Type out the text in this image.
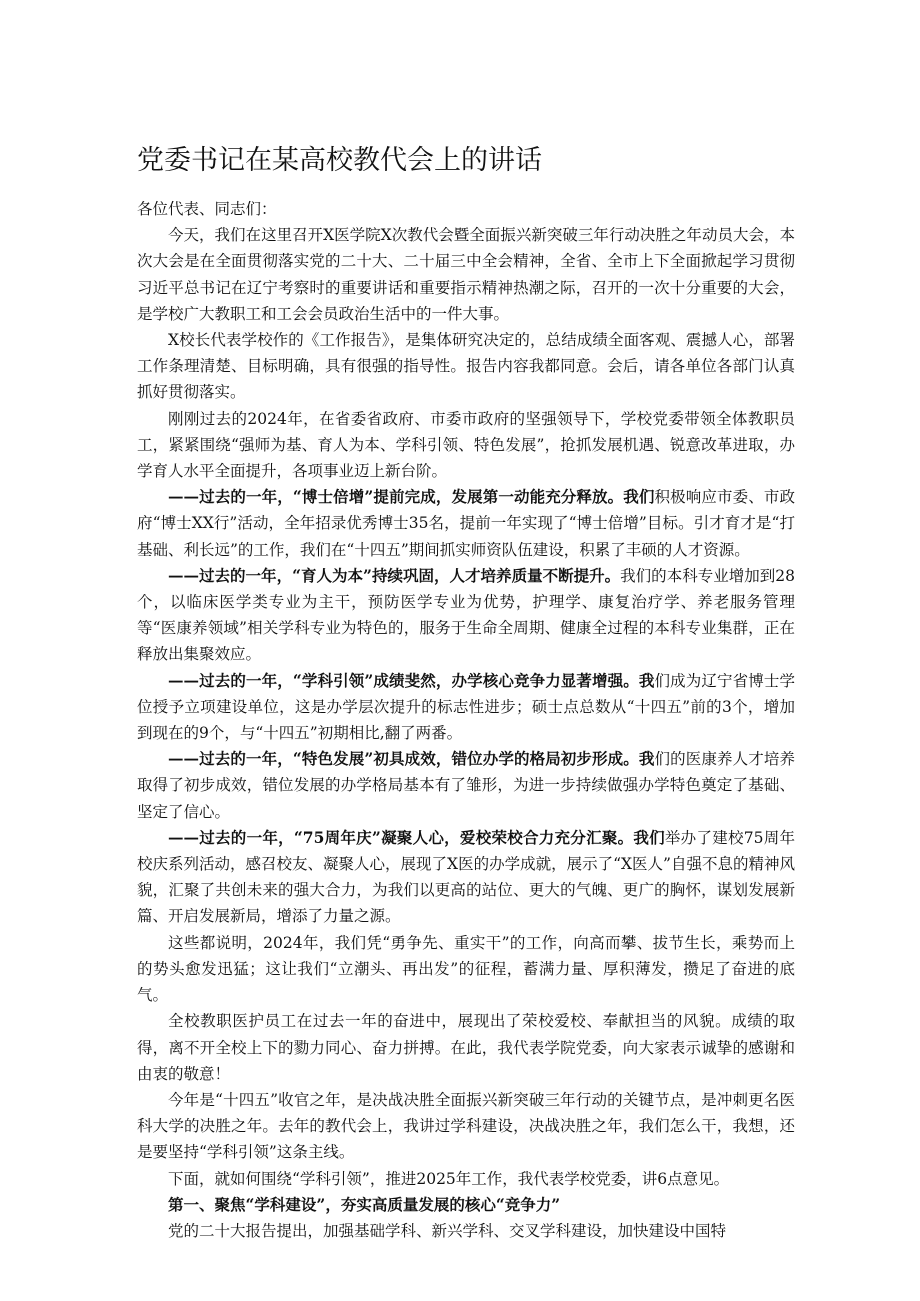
党委书记在某高校教代会上的讲话

各位代表、同志们：

今天，我们在这里召开X医学院X次教代会暨全面振兴新突破三年行动决胜之年动员大会，本次大会是在全面贯彻落实党的二十大、二十届三中全会精神，全省、全市上下全面掀起学习贯彻习近平总书记在辽宁考察时的重要讲话和重要指示精神热潮之际，召开的一次十分重要的大会，是学校广大教职工和工会会员政治生活中的一件大事。

X校长代表学校作的《工作报告》，是集体研究决定的，总结成绩全面客观、震撼人心，部署工作条理清楚、目标明确，具有很强的指导性。报告内容我都同意。会后，请各单位各部门认真抓好贯彻落实。

刚刚过去的2024年，在省委省政府、市委市政府的坚强领导下，学校党委带领全体教职员工，紧紧围绕“强师为基、育人为本、学科引领、特色发展”，抢抓发展机遇、锐意改革进取，办学育人水平全面提升，各项事业迈上新台阶。

——过去的一年，“博士倍增”提前完成，发展第一动能充分释放。我们积极响应市委、市政府“博士XX行”活动，全年招录优秀博士35名，提前一年实现了“博士倍增”目标。引才育才是“打基础、利长远”的工作，我们在“十四五”期间抓实师资队伍建设，积累了丰硕的人才资源。

——过去的一年，“育人为本”持续巩固，人才培养质量不断提升。我们的本科专业增加到28个，以临床医学类专业为主干，预防医学专业为优势，护理学、康复治疗学、养老服务管理等“医康养领域”相关学科专业为特色的，服务于生命全周期、健康全过程的本科专业集群，正在释放出集聚效应。

——过去的一年，“学科引领”成绩斐然，办学核心竞争力显著增强。我们成为辽宁省博士学位授予立项建设单位，这是办学层次提升的标志性进步；硕士点总数从“十四五”前的3个，增加到现在的9个，与“十四五”初期相比,翻了两番。

——过去的一年，“特色发展”初具成效，错位办学的格局初步形成。我们的医康养人才培养取得了初步成效，错位发展的办学格局基本有了雏形，为进一步持续做强办学特色奠定了基础、坚定了信心。

——过去的一年，“75周年庆”凝聚人心，爱校荣校合力充分汇聚。我们举办了建校75周年校庆系列活动，感召校友、凝聚人心，展现了X医的办学成就，展示了“X医人”自强不息的精神风貌，汇聚了共创未来的强大合力，为我们以更高的站位、更大的气魄、更广的胸怀，谋划发展新篇、开启发展新局，增添了力量之源。

这些都说明，2024年，我们凭“勇争先、重实干”的工作，向高而攀、拔节生长，乘势而上的势头愈发迅猛；这让我们“立潮头、再出发”的征程，蓄满力量、厚积薄发，攒足了奋进的底气。

全校教职医护员工在过去一年的奋进中，展现出了荣校爱校、奉献担当的风貌。成绩的取得，离不开全校上下的勠力同心、奋力拼搏。在此，我代表学院党委，向大家表示诚挚的感谢和由衷的敬意！

今年是“十四五”收官之年，是决战决胜全面振兴新突破三年行动的关键节点，是冲刺更名医科大学的决胜之年。去年的教代会上，我讲过学科建设，决战决胜之年，我们怎么干，我想，还是要坚持“学科引领”这条主线。

下面，就如何围绕“学科引领”，推进2025年工作，我代表学校党委，讲6点意见。

第一、聚焦“学科建设”，夯实高质量发展的核心“竞争力”

党的二十大报告提出，加强基础学科、新兴学科、交叉学科建设，加快建设中国特
